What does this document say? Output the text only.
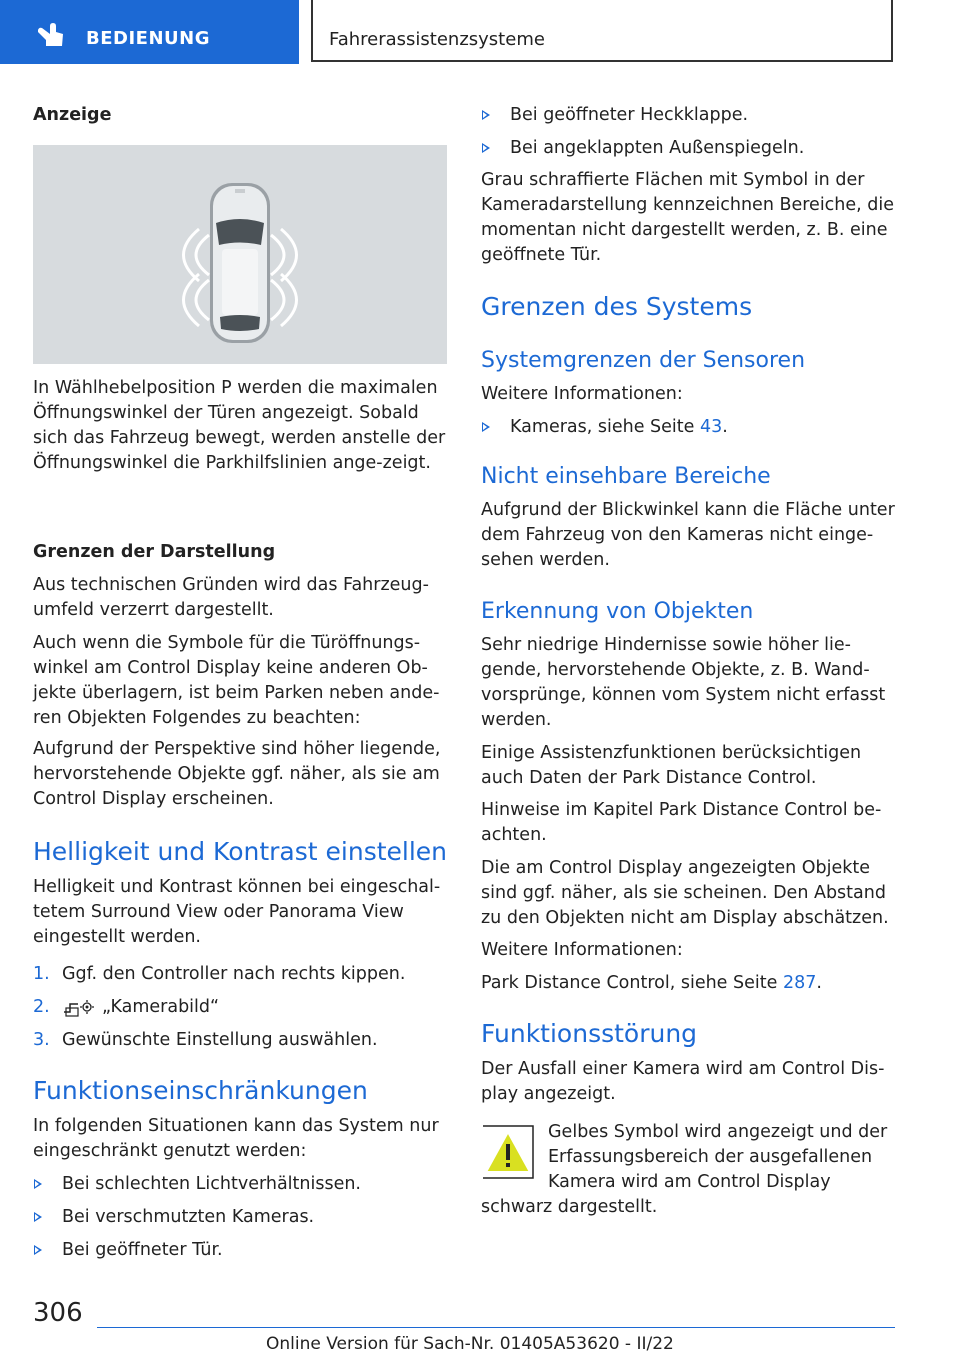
BEDIENUNG	Fahrerassistenzsysteme
Anzeige

In Wählhebelposition P werden die maximalen Öffnungswinkel der Türen angezeigt. Sobald sich das Fahrzeug bewegt, werden anstelle der Öffnungswinkel die Parkhilfslinien ange‐zeigt.

Grenzen der Darstellung

Aus technischen Gründen wird das Fahrzeug‐umfeld verzerrt dargestellt.

Auch wenn die Symbole für die Türöffnungs‐winkel am Control Display keine anderen Ob‐jekte überlagern, ist beim Parken neben ande‐ren Objekten Folgendes zu beachten:

Aufgrund der Perspektive sind höher liegende, hervorstehende Objekte ggf. näher, als sie am Control Display erscheinen.

Helligkeit und Kontrast einstellen

Helligkeit und Kontrast können bei eingeschal‐tetem Surround View oder Panorama View eingestellt werden.

1. Ggf. den Controller nach rechts kippen.
2.	„Kamerabild“
3. Gewünschte Einstellung auswählen.
Funktionseinschränkungen

In folgenden Situationen kann das System nur eingeschränkt genutzt werden:

Bei schlechten Lichtverhältnissen.
Bei verschmutzten Kameras.
Bei geöffneter Tür.
Bei geöffneter Heckklappe.
Bei angeklappten Außenspiegeln.

Grau schraffierte Flächen mit Symbol in der Kameradarstellung kennzeichnen Bereiche, die momentan nicht dargestellt werden, z. B. eine geöffnete Tür.

Grenzen des Systems
Systemgrenzen der Sensoren

Weitere Informationen:

Kameras, siehe Seite 43.
Nicht einsehbare Bereiche

Aufgrund der Blickwinkel kann die Fläche unter dem Fahrzeug von den Kameras nicht einge‐sehen werden.

Erkennung von Objekten

Sehr niedrige Hindernisse sowie höher lie‐gende, hervorstehende Objekte, z. B. Wand‐vorsprünge, können vom System nicht erfasst werden.

Einige Assistenzfunktionen berücksichtigen auch Daten der Park Distance Control.

Hinweise im Kapitel Park Distance Control be‐achten.

Die am Control Display angezeigten Objekte sind ggf. näher, als sie scheinen. Den Abstand zu den Objekten nicht am Display abschätzen.

Weitere Informationen:

Park Distance Control, siehe Seite 287.

Funktionsstörung

Der Ausfall einer Kamera wird am Control Dis‐play angezeigt.

Gelbes Symbol wird angezeigt und der
Erfassungsbereich der ausgefallenen
Kamera wird am Control Display
schwarz dargestellt.
306
Online Version für Sach-Nr. 01405A53620 - II/22
